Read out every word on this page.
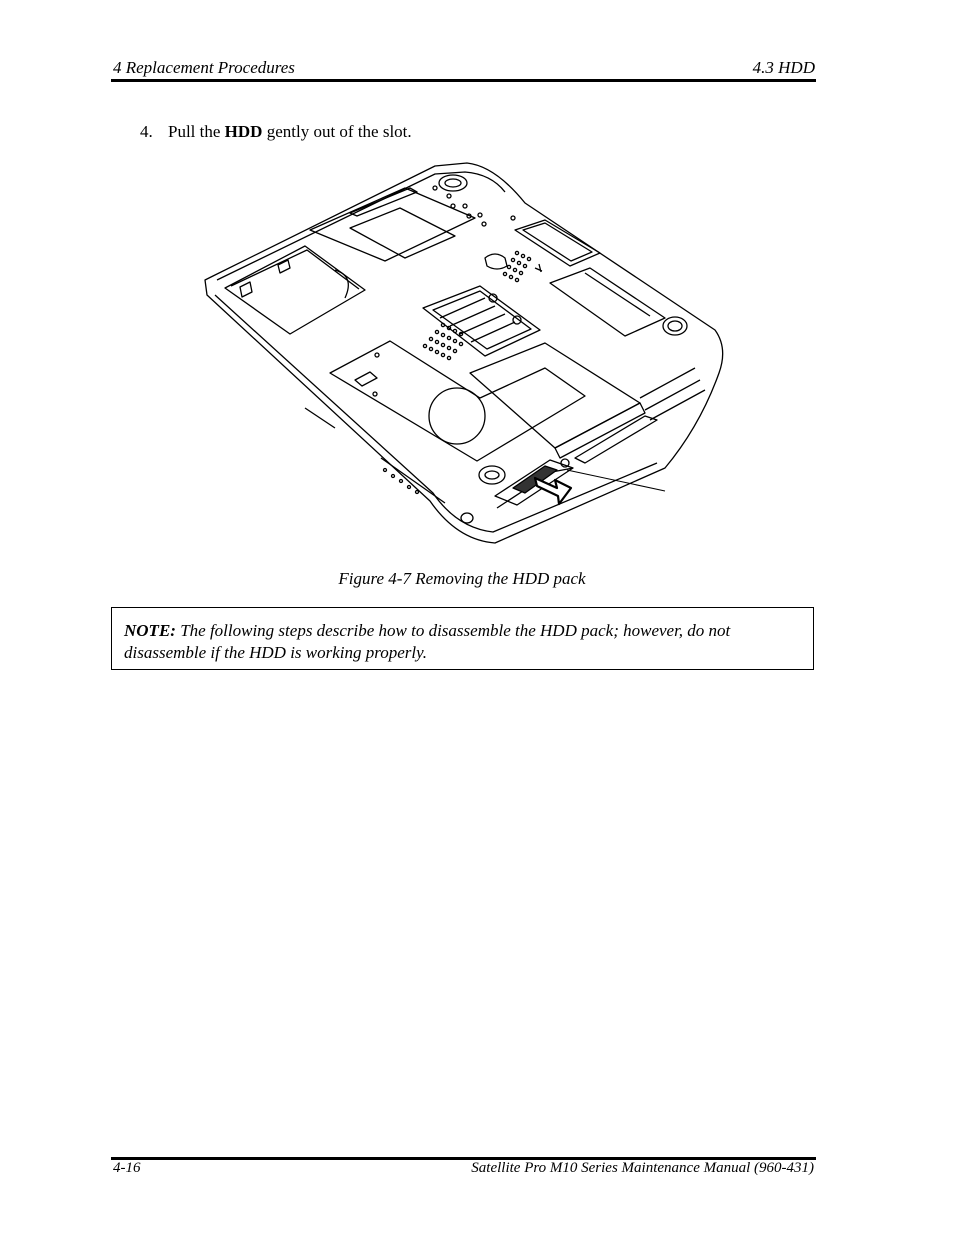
4 Replacement Procedures	4.3 HDD
4. Pull the HDD gently out of the slot.
Figure 4-7 Removing the HDD pack
NOTE: The following steps describe how to disassemble the HDD pack; however, do not disassemble if the HDD is working properly.
4-16	Satellite Pro M10 Series Maintenance Manual (960-431)
